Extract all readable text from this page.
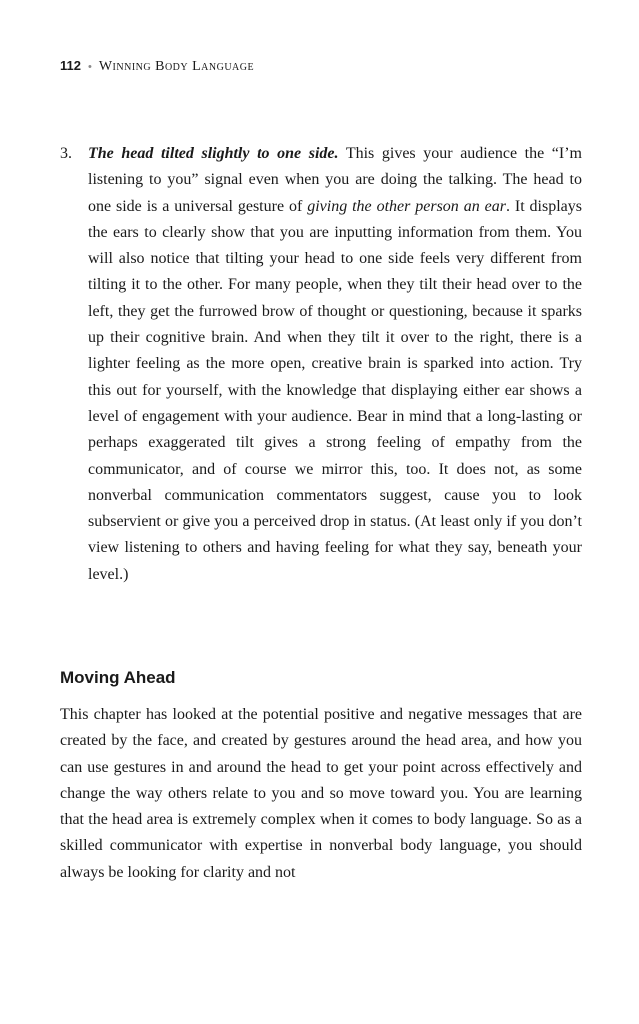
112 • Winning Body Language
3. The head tilted slightly to one side. This gives your audience the “I’m listening to you” signal even when you are doing the talking. The head to one side is a universal gesture of giving the other person an ear. It displays the ears to clearly show that you are inputting information from them. You will also notice that tilting your head to one side feels very different from tilting it to the other. For many people, when they tilt their head over to the left, they get the furrowed brow of thought or questioning, because it sparks up their cognitive brain. And when they tilt it over to the right, there is a lighter feeling as the more open, creative brain is sparked into action. Try this out for yourself, with the knowledge that displaying either ear shows a level of engagement with your audience. Bear in mind that a long-lasting or perhaps exaggerated tilt gives a strong feeling of empathy from the communicator, and of course we mirror this, too. It does not, as some nonverbal communication commentators suggest, cause you to look subservient or give you a perceived drop in status. (At least only if you don’t view listening to others and having feeling for what they say, beneath your level.)
Moving Ahead
This chapter has looked at the potential positive and negative messages that are created by the face, and created by gestures around the head area, and how you can use gestures in and around the head to get your point across effectively and change the way others relate to you and so move toward you. You are learning that the head area is extremely complex when it comes to body language. So as a skilled communicator with expertise in nonverbal body language, you should always be looking for clarity and not
